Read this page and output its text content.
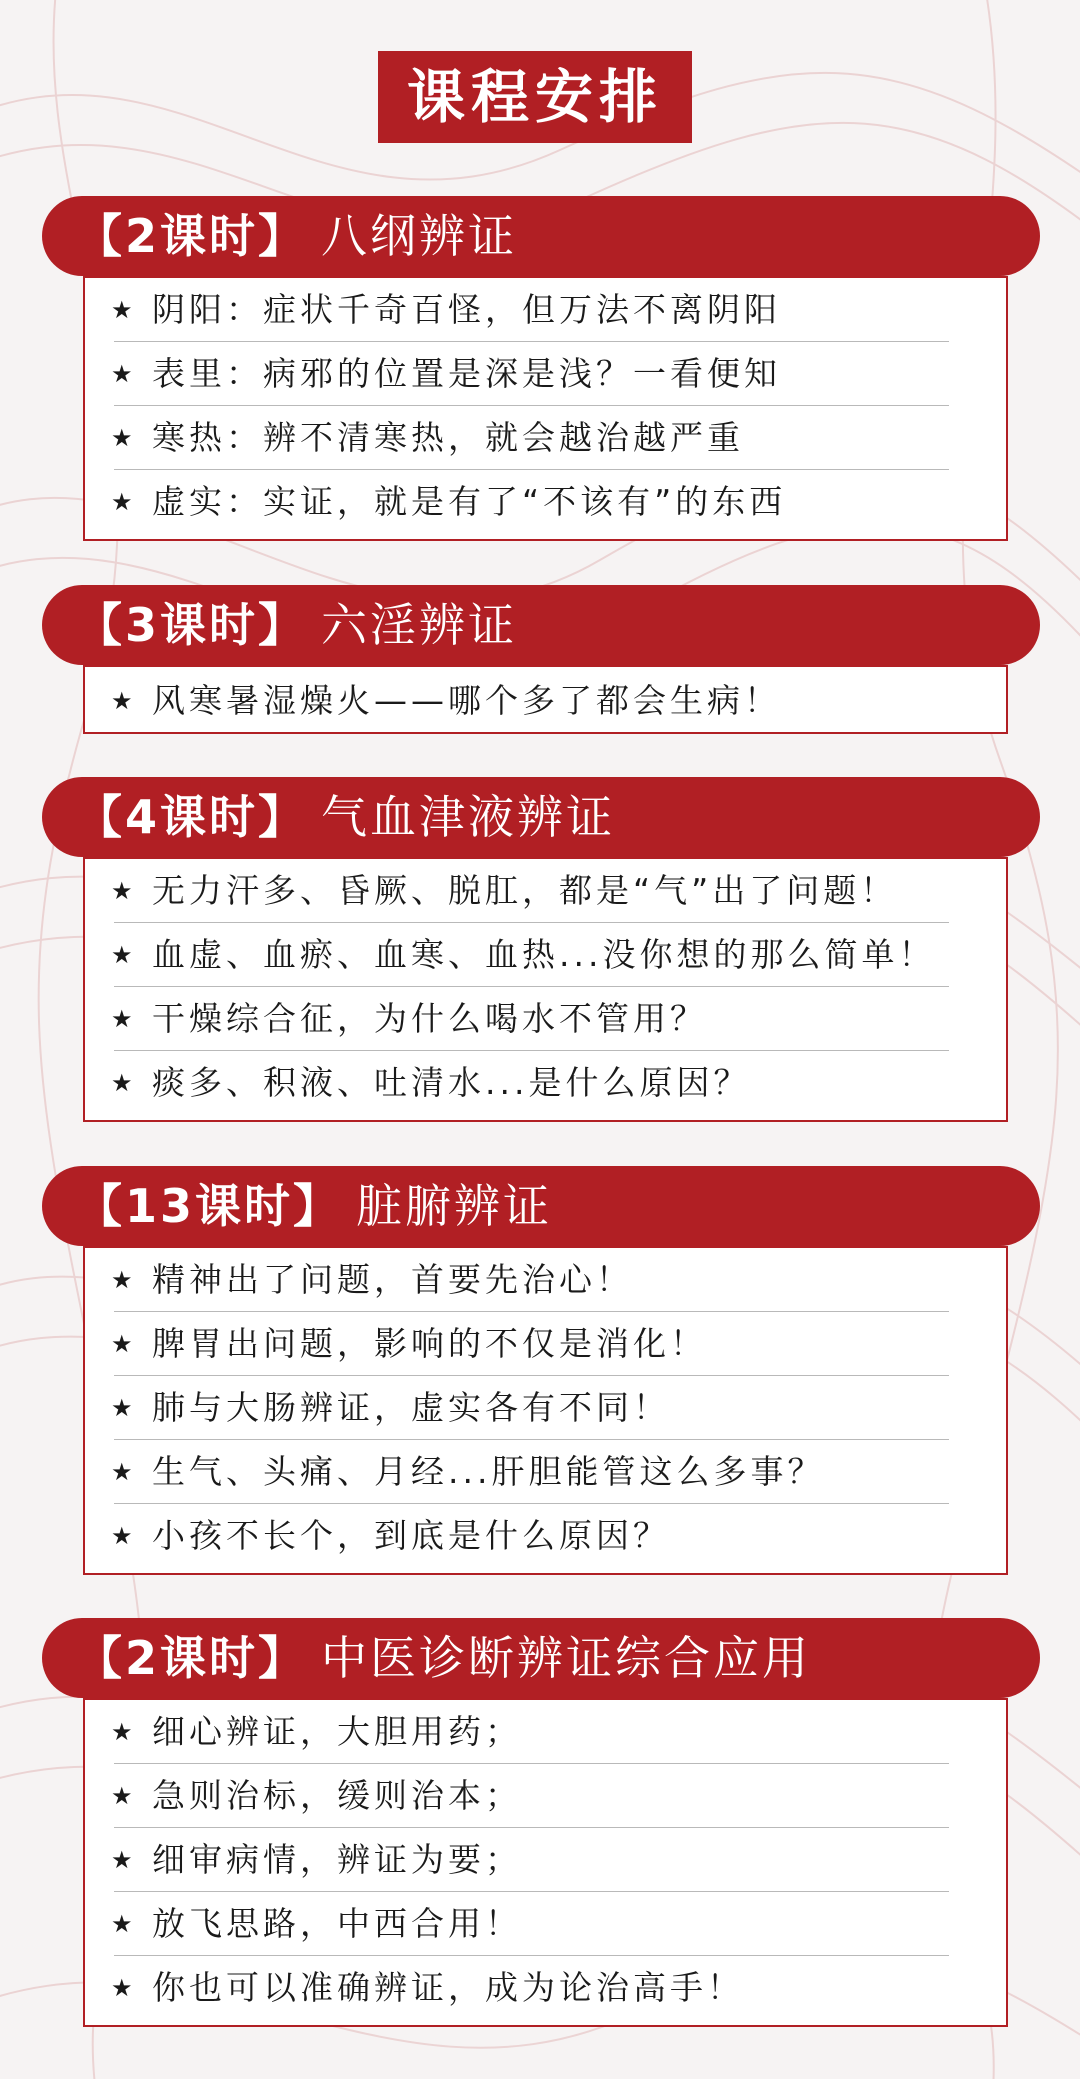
课程安排
★ 阴阳：症状千奇百怪，但万法不离阴阳
★ 表里：病邪的位置是深是浅？一看便知
★ 寒热：辨不清寒热，就会越治越严重
★ 虚实：实证，就是有了“不该有”的东西
【2课时】 八纲辨证
★ 风寒暑湿燥火——哪个多了都会生病！
【3课时】 六淫辨证
★ 无力汗多、昏厥、脱肛，都是“气”出了问题！
★ 血虚、血瘀、血寒、血热...没你想的那么简单！
★ 干燥综合征，为什么喝水不管用？
★ 痰多、积液、吐清水...是什么原因？
【4课时】 气血津液辨证
★ 精神出了问题，首要先治心！
★ 脾胃出问题，影响的不仅是消化！
★ 肺与大肠辨证，虚实各有不同！
★ 生气、头痛、月经...肝胆能管这么多事？
★ 小孩不长个，到底是什么原因？
【13课时】 脏腑辨证
★ 细心辨证，大胆用药；
★ 急则治标，缓则治本；
★ 细审病情，辨证为要；
★ 放飞思路，中西合用！
★ 你也可以准确辨证，成为论治高手！
【2课时】 中医诊断辨证综合应用
